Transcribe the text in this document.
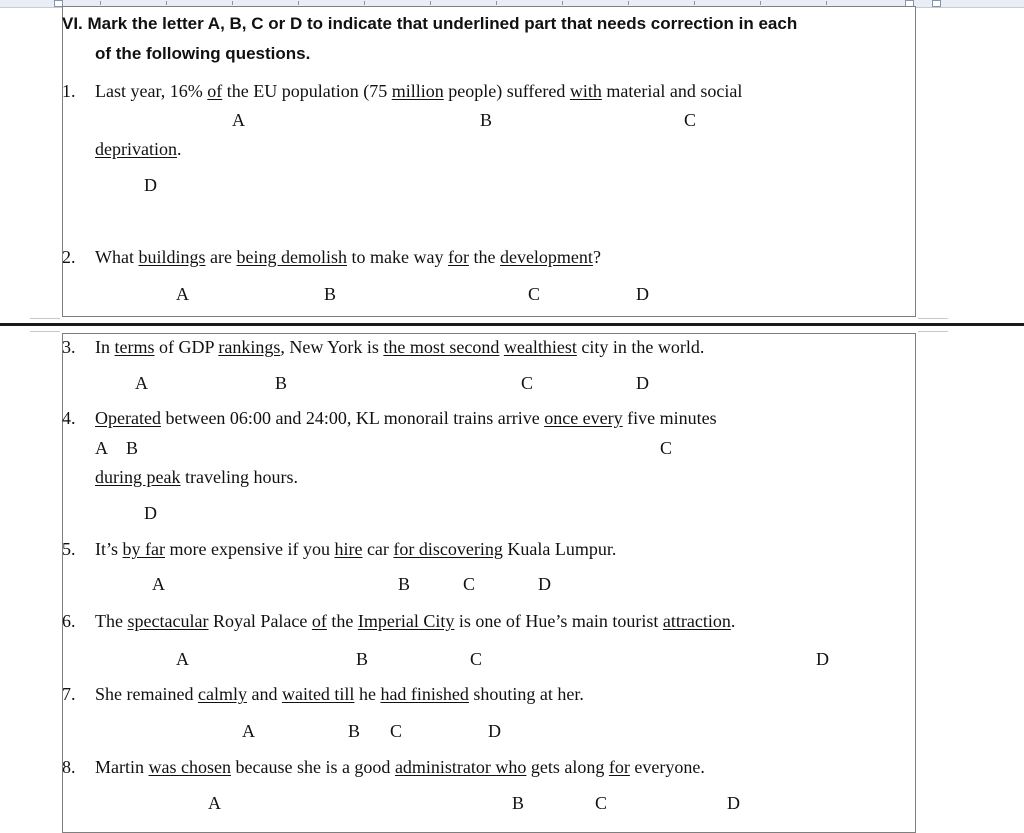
VI. Mark the letter A, B, C or D to indicate that underlined part that needs correction in each
of the following questions.
1. Last year, 16% of the EU population (75 million people) suffered with material and social
A	B	C
deprivation.
D
2. What buildings are being demolish to make way for the development?
A	B	C	D
3. In terms of GDP rankings, New York is the most second wealthiest city in the world.
A	B	C	D
4. Operated between 06:00 and 24:00, KL monorail trains arrive once every five minutes
A B	C
during peak traveling hours.
D
5. It’s by far more expensive if you hire car for discovering Kuala Lumpur.
A	B	C	D
6. The spectacular Royal Palace of the Imperial City is one of Hue’s main tourist attraction.
A	B	C	D
7. She remained calmly and waited till he had finished shouting at her.
A	B C	D
8. Martin was chosen because she is a good administrator who gets along for everyone.
A	B	C	D
